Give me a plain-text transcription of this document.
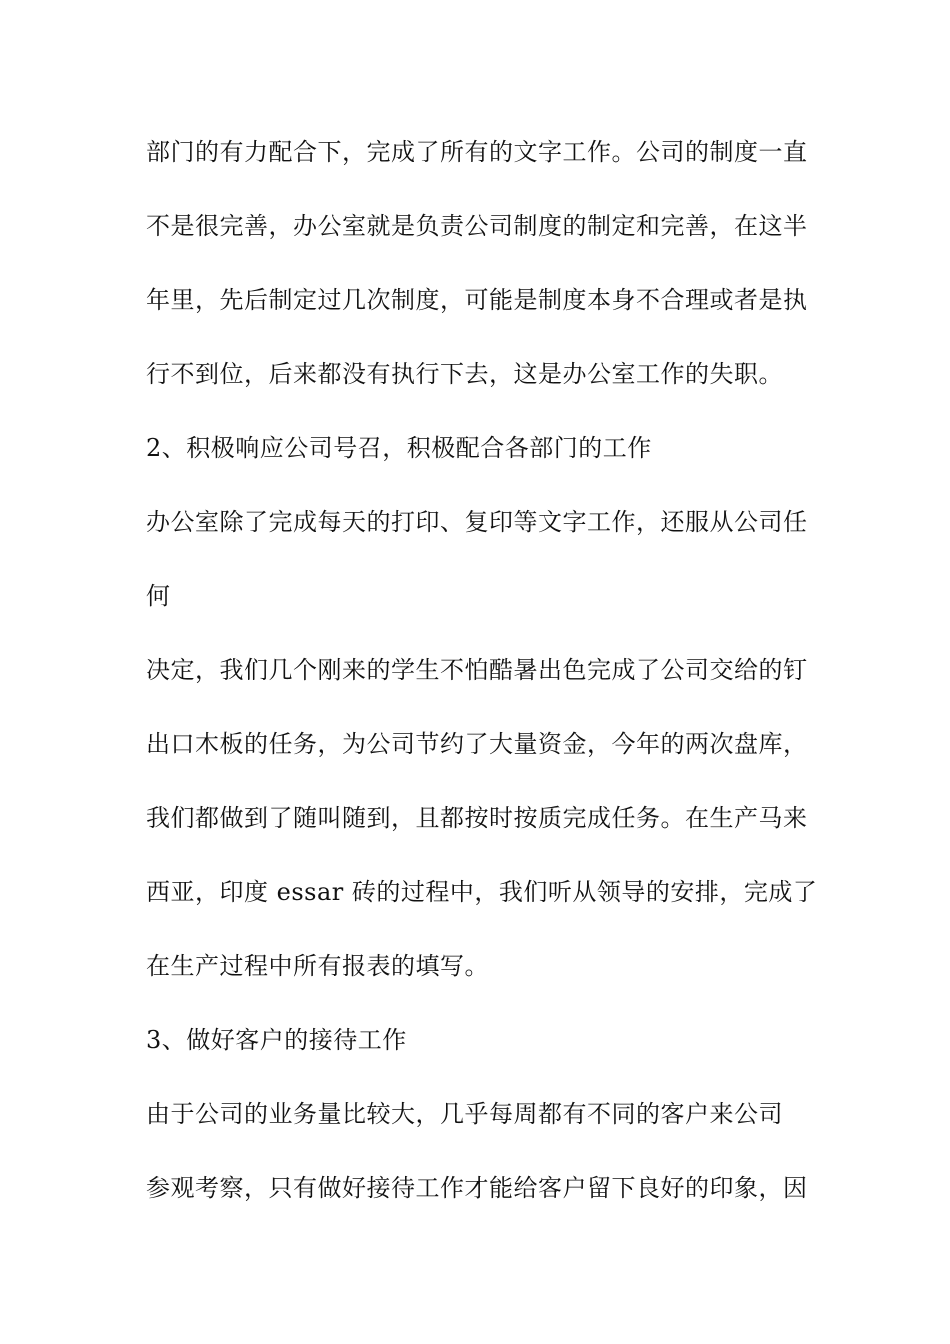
部门的有力配合下，完成了所有的文字工作。公司的制度一直
不是很完善，办公室就是负责公司制度的制定和完善，在这半
年里，先后制定过几次制度，可能是制度本身不合理或者是执
行不到位，后来都没有执行下去，这是办公室工作的失职。
2、积极响应公司号召，积极配合各部门的工作
办公室除了完成每天的打印、复印等文字工作，还服从公司任
何
决定，我们几个刚来的学生不怕酷暑出色完成了公司交给的钉
出口木板的任务，为公司节约了大量资金，今年的两次盘库，
我们都做到了随叫随到，且都按时按质完成任务。在生产马来
西亚，印度 essar 砖的过程中，我们听从领导的安排，完成了
在生产过程中所有报表的填写。
3、做好客户的接待工作
由于公司的业务量比较大，几乎每周都有不同的客户来公司
参观考察，只有做好接待工作才能给客户留下良好的印象，因
